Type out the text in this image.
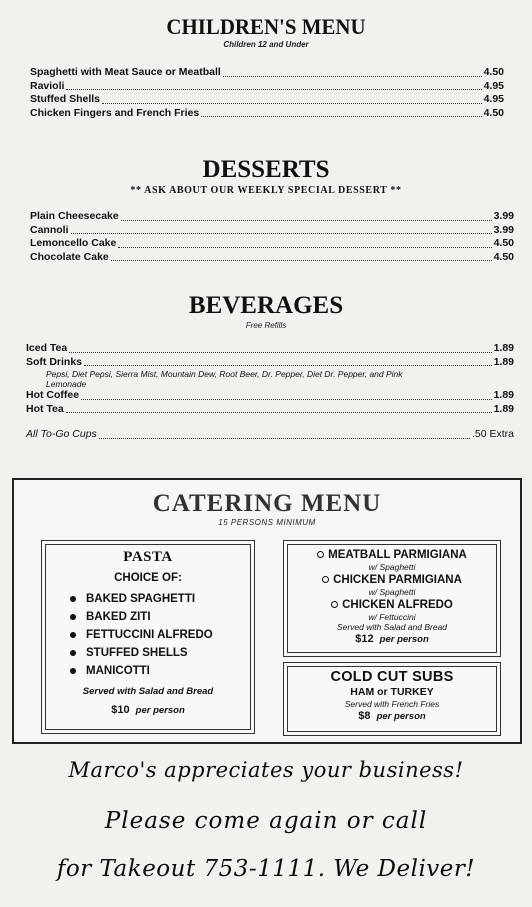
CHILDREN'S MENU
Children 12 and Under
Spaghetti with Meat Sauce or Meatball	4.50
Ravioli	4.95
Stuffed Shells	4.95
Chicken Fingers and French Fries	4.50
DESSERTS
** ASK ABOUT OUR WEEKLY SPECIAL DESSERT **
Plain Cheesecake	3.99
Cannoli	3.99
Lemoncello Cake	4.50
Chocolate Cake	4.50
BEVERAGES
Free Refills
Iced Tea	1.89
Soft Drinks	1.89
Pepsi, Diet Pepsi, Sierra Mist, Mountain Dew, Root Beer, Dr. Pepper, Diet Dr. Pepper, and Pink Lemonade
Hot Coffee	1.89
Hot Tea	1.89
All To-Go Cups	.50 Extra
CATERING MENU
15 PERSONS MINIMUM
PASTA
CHOICE OF:
BAKED SPAGHETTI
BAKED ZITI
FETTUCCINI ALFREDO
STUFFED SHELLS
MANICOTTI
Served with Salad and Bread
$10 per person
MEATBALL PARMIGIANA
w/ Spaghetti
CHICKEN PARMIGIANA
w/ Spaghetti
CHICKEN ALFREDO
w/ Fettuccini
Served with Salad and Bread
$12 per person
COLD CUT SUBS
HAM or TURKEY
Served with French Fries
$8 per person
Marco's appreciates your business!
Please come again or call
for Takeout 753-1111. We Deliver!
